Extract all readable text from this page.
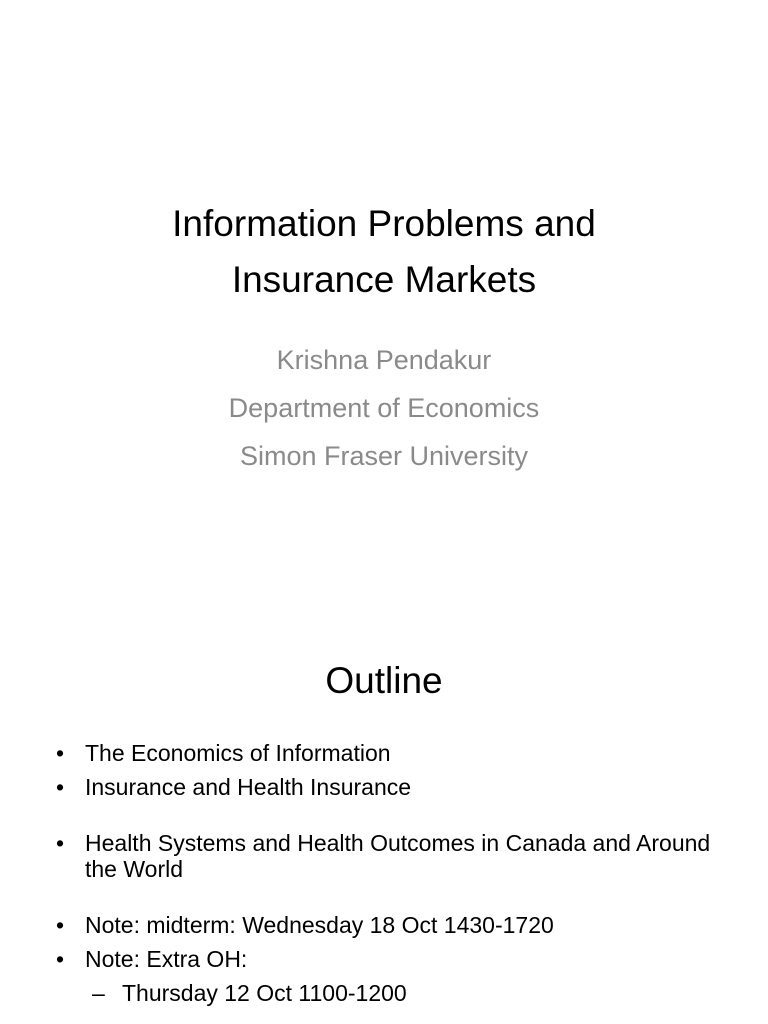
Information Problems and
Insurance Markets
Krishna Pendakur
Department of Economics
Simon Fraser University
Outline
• The Economics of Information
• Insurance and Health Insurance
• Health Systems and Health Outcomes in Canada and Around the World
• Note: midterm: Wednesday 18 Oct 1430-1720
• Note: Extra OH:
– Thursday 12 Oct 1100-1200
